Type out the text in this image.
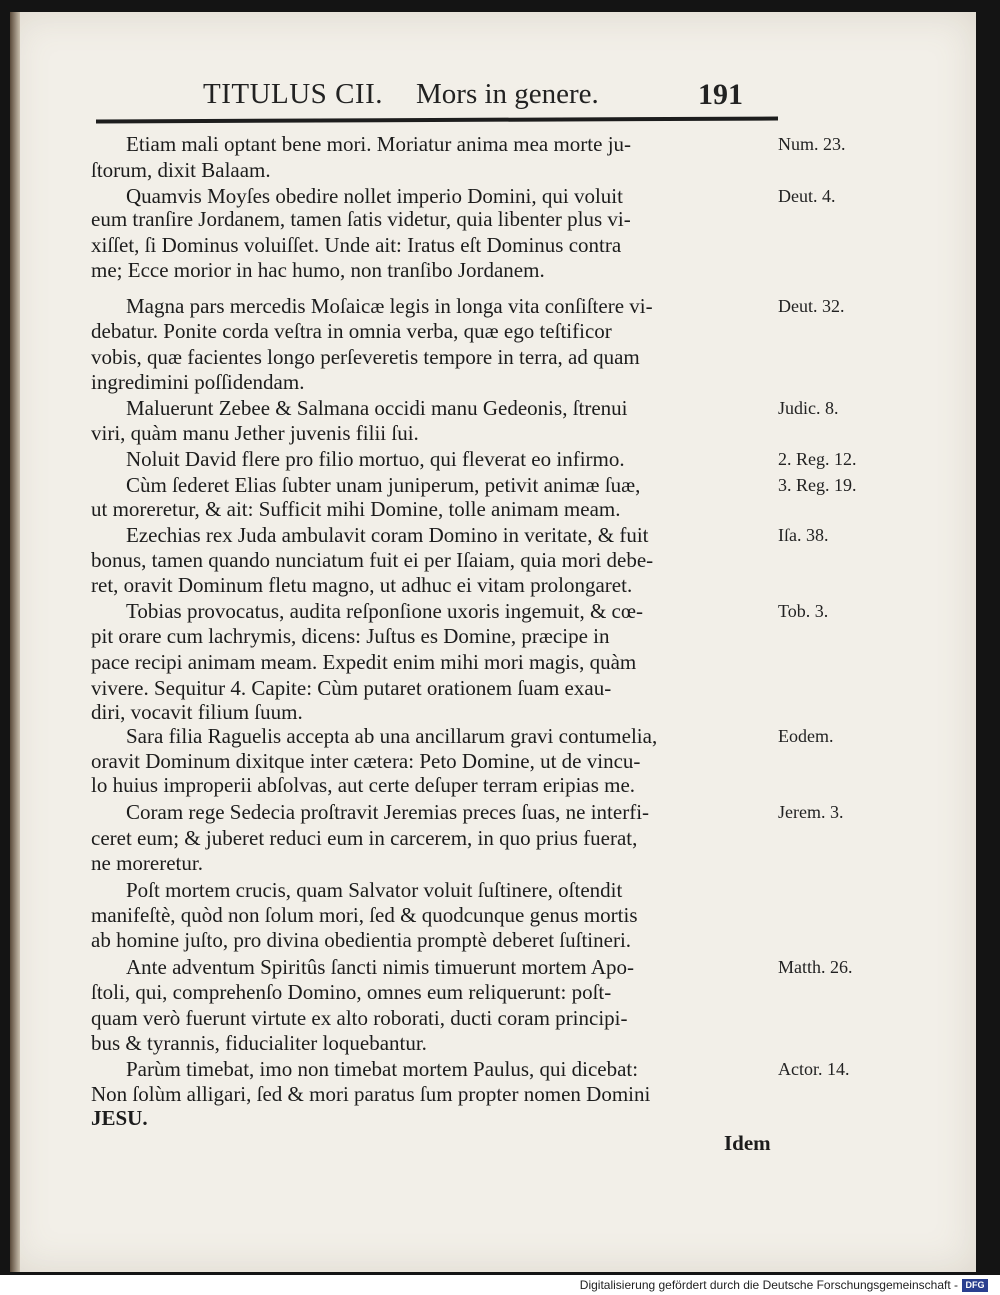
TITULUS CII. Mors in genere.	191
Etiam mali optant bene mori. Moriatur anima mea morte ju-	Num. 23.
ſtorum, dixit Balaam.
Quamvis Moyſes obedire nollet imperio Domini, qui voluit	Deut. 4.
eum tranſire Jordanem, tamen ſatis videtur, quia libenter plus vi-
xiſſet, ſi Dominus voluiſſet. Unde ait: Iratus eſt Dominus contra
me; Ecce morior in hac humo, non tranſibo Jordanem.
Magna pars mercedis Moſaicæ legis in longa vita conſiſtere vi-	Deut. 32.
debatur. Ponite corda veſtra in omnia verba, quæ ego teſtificor
vobis, quæ facientes longo perſeveretis tempore in terra, ad quam
ingredimini poſſidendam.
Maluerunt Zebee & Salmana occidi manu Gedeonis, ſtrenui	Judic. 8.
viri, quàm manu Jether juvenis filii ſui.
Noluit David flere pro filio mortuo, qui fleverat eo infirmo.	2. Reg. 12.
Cùm ſederet Elias ſubter unam juniperum, petivit animæ ſuæ,	3. Reg. 19.
ut moreretur, & ait: Sufficit mihi Domine, tolle animam meam.
Ezechias rex Juda ambulavit coram Domino in veritate, & fuit	Iſa. 38.
bonus, tamen quando nunciatum fuit ei per Iſaiam, quia mori debe-
ret, oravit Dominum fletu magno, ut adhuc ei vitam prolongaret.
Tobias provocatus, audita reſponſione uxoris ingemuit, & cœ-	Tob. 3.
pit orare cum lachrymis, dicens: Juſtus es Domine, præcipe in
pace recipi animam meam. Expedit enim mihi mori magis, quàm
vivere. Sequitur 4. Capite: Cùm putaret orationem ſuam exau-
diri, vocavit filium ſuum.
Sara filia Raguelis accepta ab una ancillarum gravi contumelia,	Eodem.
oravit Dominum dixitque inter cætera: Peto Domine, ut de vincu-
lo huius improperii abſolvas, aut certe deſuper terram eripias me.
Coram rege Sedecia proſtravit Jeremias preces ſuas, ne interfi-	Jerem. 3.
ceret eum; & juberet reduci eum in carcerem, in quo prius fuerat,
ne moreretur.
Poſt mortem crucis, quam Salvator voluit ſuſtinere, oſtendit
manifeſtè, quòd non ſolum mori, ſed & quodcunque genus mortis
ab homine juſto, pro divina obedientia promptè deberet ſuſtineri.
Ante adventum Spiritûs ſancti nimis timuerunt mortem Apo-	Matth. 26.
ſtoli, qui, comprehenſo Domino, omnes eum reliquerunt: poſt-
quam verò fuerunt virtute ex alto roborati, ducti coram principi-
bus & tyrannis, fiducialiter loquebantur.
Parùm timebat, imo non timebat mortem Paulus, qui dicebat:	Actor. 14.
Non ſolùm alligari, ſed & mori paratus ſum propter nomen Domini
JESU.
Idem
Digitalisierung gefördert durch die Deutsche Forschungsgemeinschaft - DFG
